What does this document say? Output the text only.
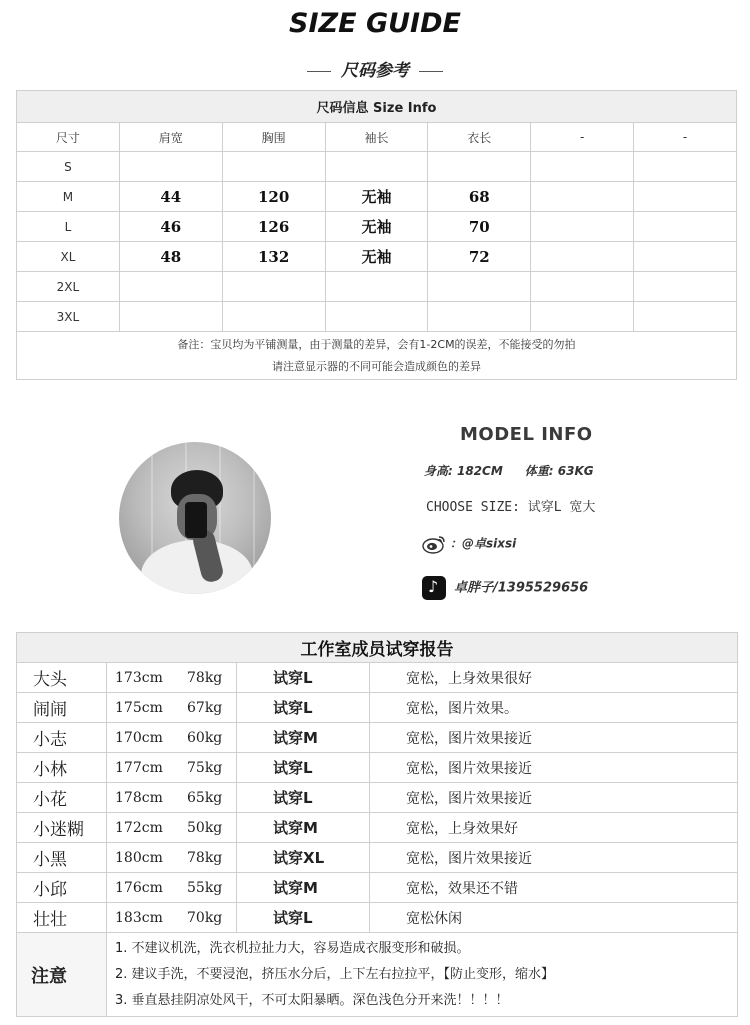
SIZE GUIDE
尺码参考
尺码信息 Size Info						
尺寸	肩宽	胸围	袖长	衣长	-	-
S						
M	44	120	无袖	68		
L	46	126	无袖	70		
XL	48	132	无袖	72		
2XL						
3XL						

备注：宝贝均为平铺测量，由于测量的差异，会有1-2CM的误差，不能接受的勿拍
请注意显示器的不同可能会造成颜色的差异						
MODEL INFO
身高: 182CM 体重: 63KG
CHOOSE SIZE: 试穿L 宽大
：@卓sixsi
♪卓胖子/1395529656
工作室成员试穿报告			
大头	173cm 78kg	试穿L	宽松，上身效果很好
闹闹	175cm 67kg	试穿L	宽松，图片效果。
小志	170cm 60kg	试穿M	宽松，图片效果接近
小林	177cm 75kg	试穿L	宽松，图片效果接近
小花	178cm 65kg	试穿L	宽松，图片效果接近
小迷糊	172cm 50kg	试穿M	宽松，上身效果好
小黑	180cm 78kg	试穿XL	宽松，图片效果接近
小邱	176cm 55kg	试穿M	宽松，效果还不错
壮壮	183cm 70kg	试穿L	宽松休闲
注意	1. 不建议机洗，洗衣机拉扯力大，容易造成衣服变形和破损。
2. 建议手洗，不要浸泡，挤压水分后，上下左右拉拉平，【防止变形，缩水】
3. 垂直悬挂阴凉处风干，不可太阳暴晒。深色浅色分开来洗！！！！		
